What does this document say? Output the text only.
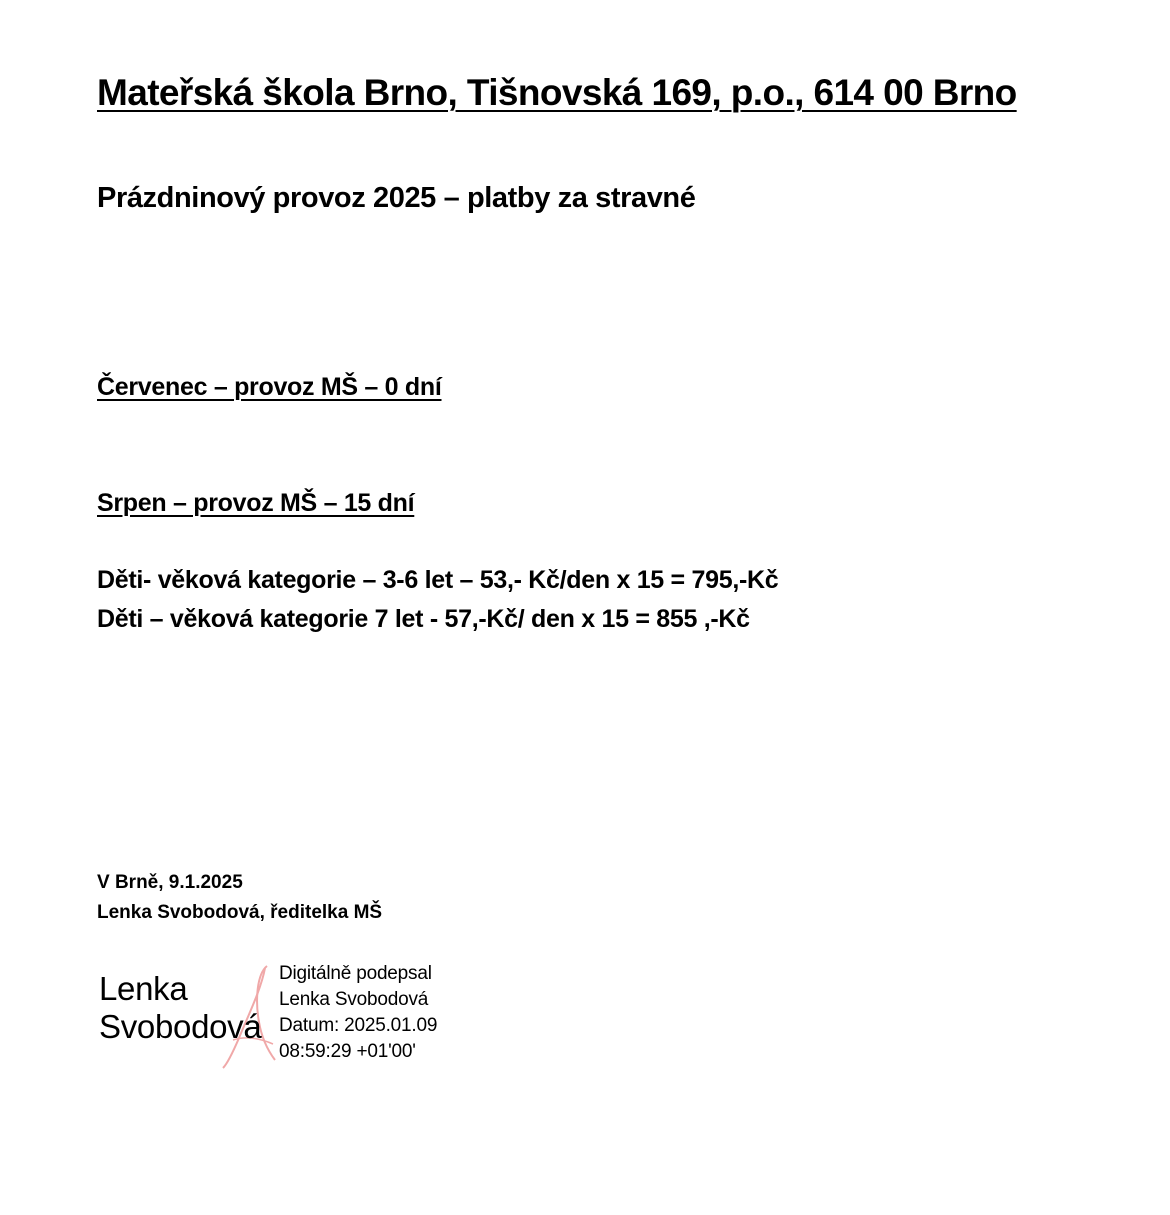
Mateřská škola Brno, Tišnovská 169, p.o., 614 00 Brno
Prázdninový provoz 2025 – platby za stravné

Červenec – provoz MŠ – 0 dní

Srpen – provoz MŠ – 15 dní

Děti- věková kategorie – 3-6 let – 53,- Kč/den x 15 = 795,-Kč

Děti – věková kategorie 7 let - 57,-Kč/ den x 15 = 855 ,-Kč

V Brně, 9.1.2025

Lenka Svobodová, ředitelka MŠ

Lenka
Svobodová
Digitálně podepsal
Lenka Svobodová
Datum: 2025.01.09
08:59:29 +01'00'
